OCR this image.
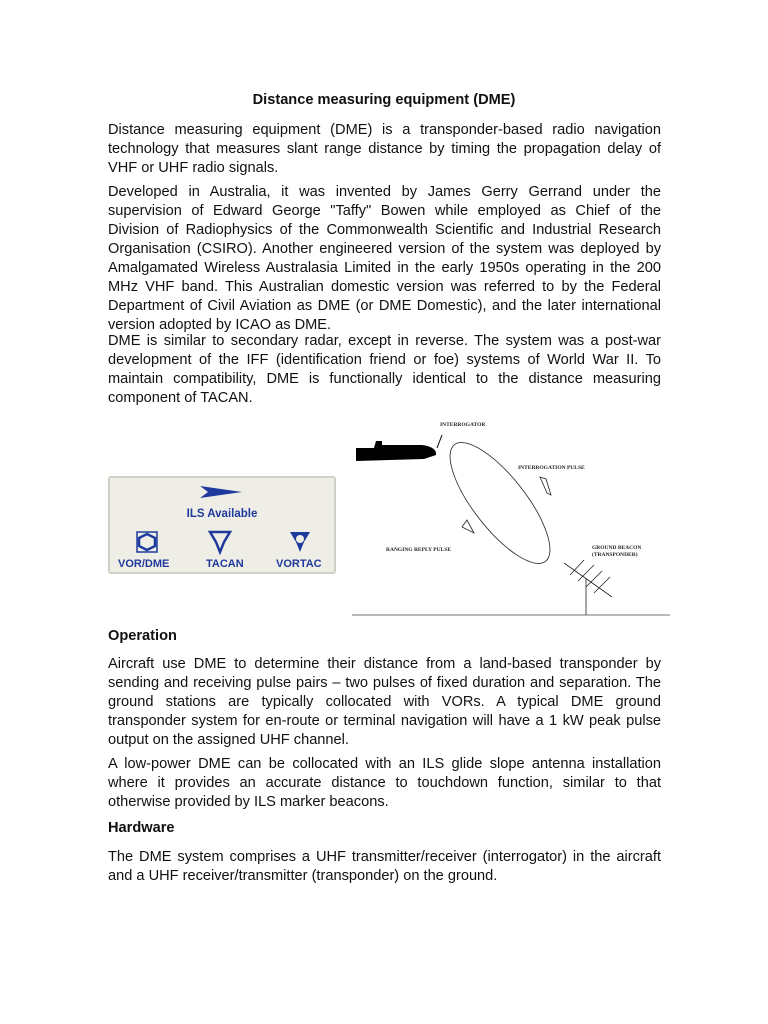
Distance measuring equipment (DME)
Distance measuring equipment (DME) is a transponder-based radio navigation
technology that measures slant range distance by timing the propagation delay of
VHF or UHF radio signals.
Developed in Australia, it was invented by James Gerry Gerrand under the
supervision of Edward George "Taffy" Bowen while employed as Chief of the
Division of Radiophysics of the Commonwealth Scientific and Industrial Research
Organisation (CSIRO). Another engineered version of the system was deployed by
Amalgamated Wireless Australasia Limited in the early 1950s operating in the 200
MHz VHF band. This Australian domestic version was referred to by the Federal
Department of Civil Aviation as DME (or DME Domestic), and the later international
version adopted by ICAO as DME.
DME is similar to secondary radar, except in reverse. The system was a post-war
development of the IFF (identification friend or foe) systems of World War II. To
maintain compatibility, DME is functionally identical to the distance measuring
component of TACAN.
ILS Available
VOR/DME	TACAN	VORTAC
INTERROGATOR
INTERROGATION PULSE
RANGING REPLY PULSE	GROUND BEACON
(TRANSPONDER)
Operation
Aircraft use DME to determine their distance from a land-based transponder by
sending and receiving pulse pairs – two pulses of fixed duration and separation. The
ground stations are typically collocated with VORs. A typical DME ground
transponder system for en-route or terminal navigation will have a 1 kW peak pulse
output on the assigned UHF channel.
A low-power DME can be collocated with an ILS glide slope antenna installation
where it provides an accurate distance to touchdown function, similar to that
otherwise provided by ILS marker beacons.
Hardware
The DME system comprises a UHF transmitter/receiver (interrogator) in the aircraft
and a UHF receiver/transmitter (transponder) on the ground.
